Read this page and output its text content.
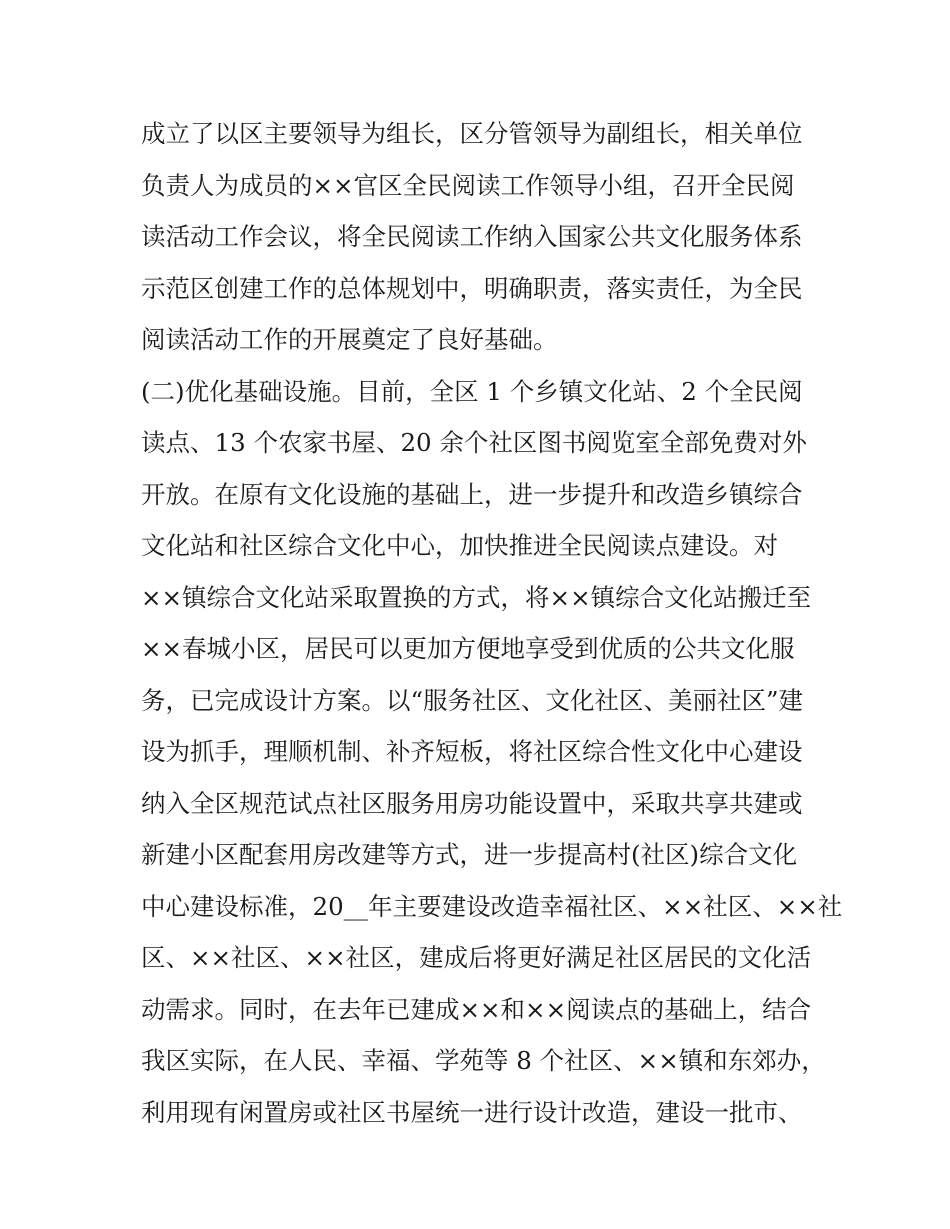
成立了以区主要领导为组长，区分管领导为副组长，相关单位
负责人为成员的××官区全民阅读工作领导小组，召开全民阅
读活动工作会议，将全民阅读工作纳入国家公共文化服务体系
示范区创建工作的总体规划中，明确职责，落实责任，为全民
阅读活动工作的开展奠定了良好基础。
(二)优化基础设施。目前，全区 1 个乡镇文化站、2 个全民阅
读点、13 个农家书屋、20 余个社区图书阅览室全部免费对外
开放。在原有文化设施的基础上，进一步提升和改造乡镇综合
文化站和社区综合文化中心，加快推进全民阅读点建设。对
××镇综合文化站采取置换的方式，将××镇综合文化站搬迁至
××春城小区，居民可以更加方便地享受到优质的公共文化服
务，已完成设计方案。以“服务社区、文化社区、美丽社区”建
设为抓手，理顺机制、补齐短板，将社区综合性文化中心建设
纳入全区规范试点社区服务用房功能设置中，采取共享共建或
新建小区配套用房改建等方式，进一步提高村(社区)综合文化
中心建设标准，20__年主要建设改造幸福社区、××社区、××社
区、××社区、××社区，建成后将更好满足社区居民的文化活
动需求。同时，在去年已建成××和××阅读点的基础上，结合
我区实际，在人民、幸福、学苑等 8 个社区、××镇和东郊办，
利用现有闲置房或社区书屋统一进行设计改造，建设一批市、
